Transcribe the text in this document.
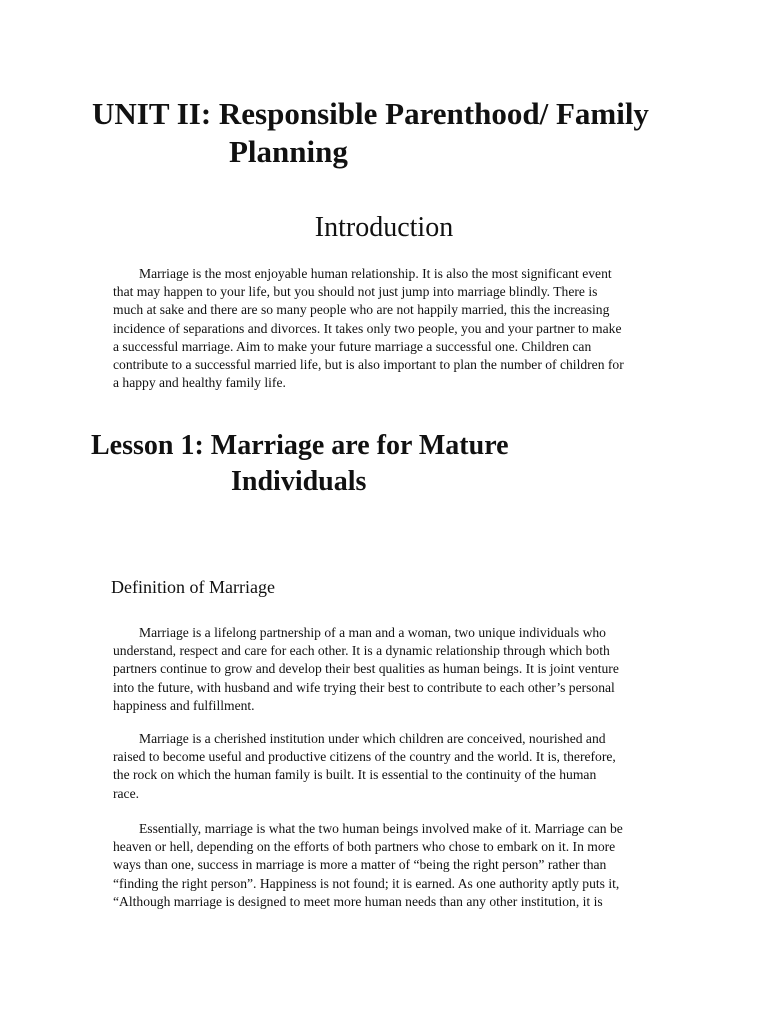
UNIT II: Responsible Parenthood/ Family
Planning
Introduction
Marriage is the most enjoyable human relationship. It is also the most significant event
that may happen to your life, but you should not just jump into marriage blindly. There is
much at sake and there are so many people who are not happily married, this the increasing
incidence of separations and divorces. It takes only two people, you and your partner to make
a successful marriage. Aim to make your future marriage a successful one. Children can
contribute to a successful married life, but is also important to plan the number of children for
a happy and healthy family life.
Lesson 1: Marriage are for Mature
Individuals
Definition of Marriage
Marriage is a lifelong partnership of a man and a woman, two unique individuals who
understand, respect and care for each other. It is a dynamic relationship through which both
partners continue to grow and develop their best qualities as human beings. It is joint venture
into the future, with husband and wife trying their best to contribute to each other’s personal
happiness and fulfillment.
Marriage is a cherished institution under which children are conceived, nourished and
raised to become useful and productive citizens of the country and the world. It is, therefore,
the rock on which the human family is built. It is essential to the continuity of the human
race.
Essentially, marriage is what the two human beings involved make of it. Marriage can be
heaven or hell, depending on the efforts of both partners who chose to embark on it. In more
ways than one, success in marriage is more a matter of “being the right person” rather than
“finding the right person”. Happiness is not found; it is earned. As one authority aptly puts it,
“Although marriage is designed to meet more human needs than any other institution, it is
